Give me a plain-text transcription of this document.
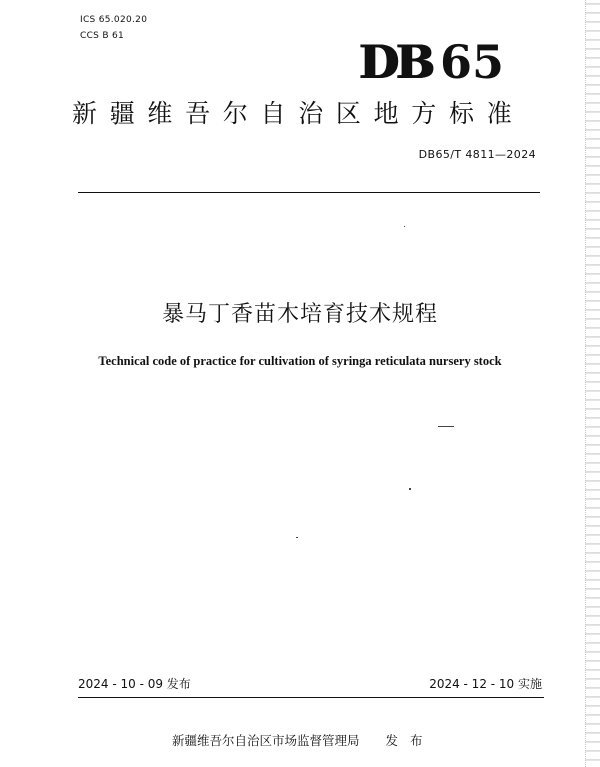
ICS 65.020.20
CCS B 61	DB 65
新疆维吾尔自治区地方标准
DB65/T 4811—2024
暴马丁香苗木培育技术规程
Technical code of practice for cultivation of syringa reticulata nursery stock
2024 - 10 - 09 发布	2024 - 12 - 10 实施
新疆维吾尔自治区市场监督管理局 发 布
